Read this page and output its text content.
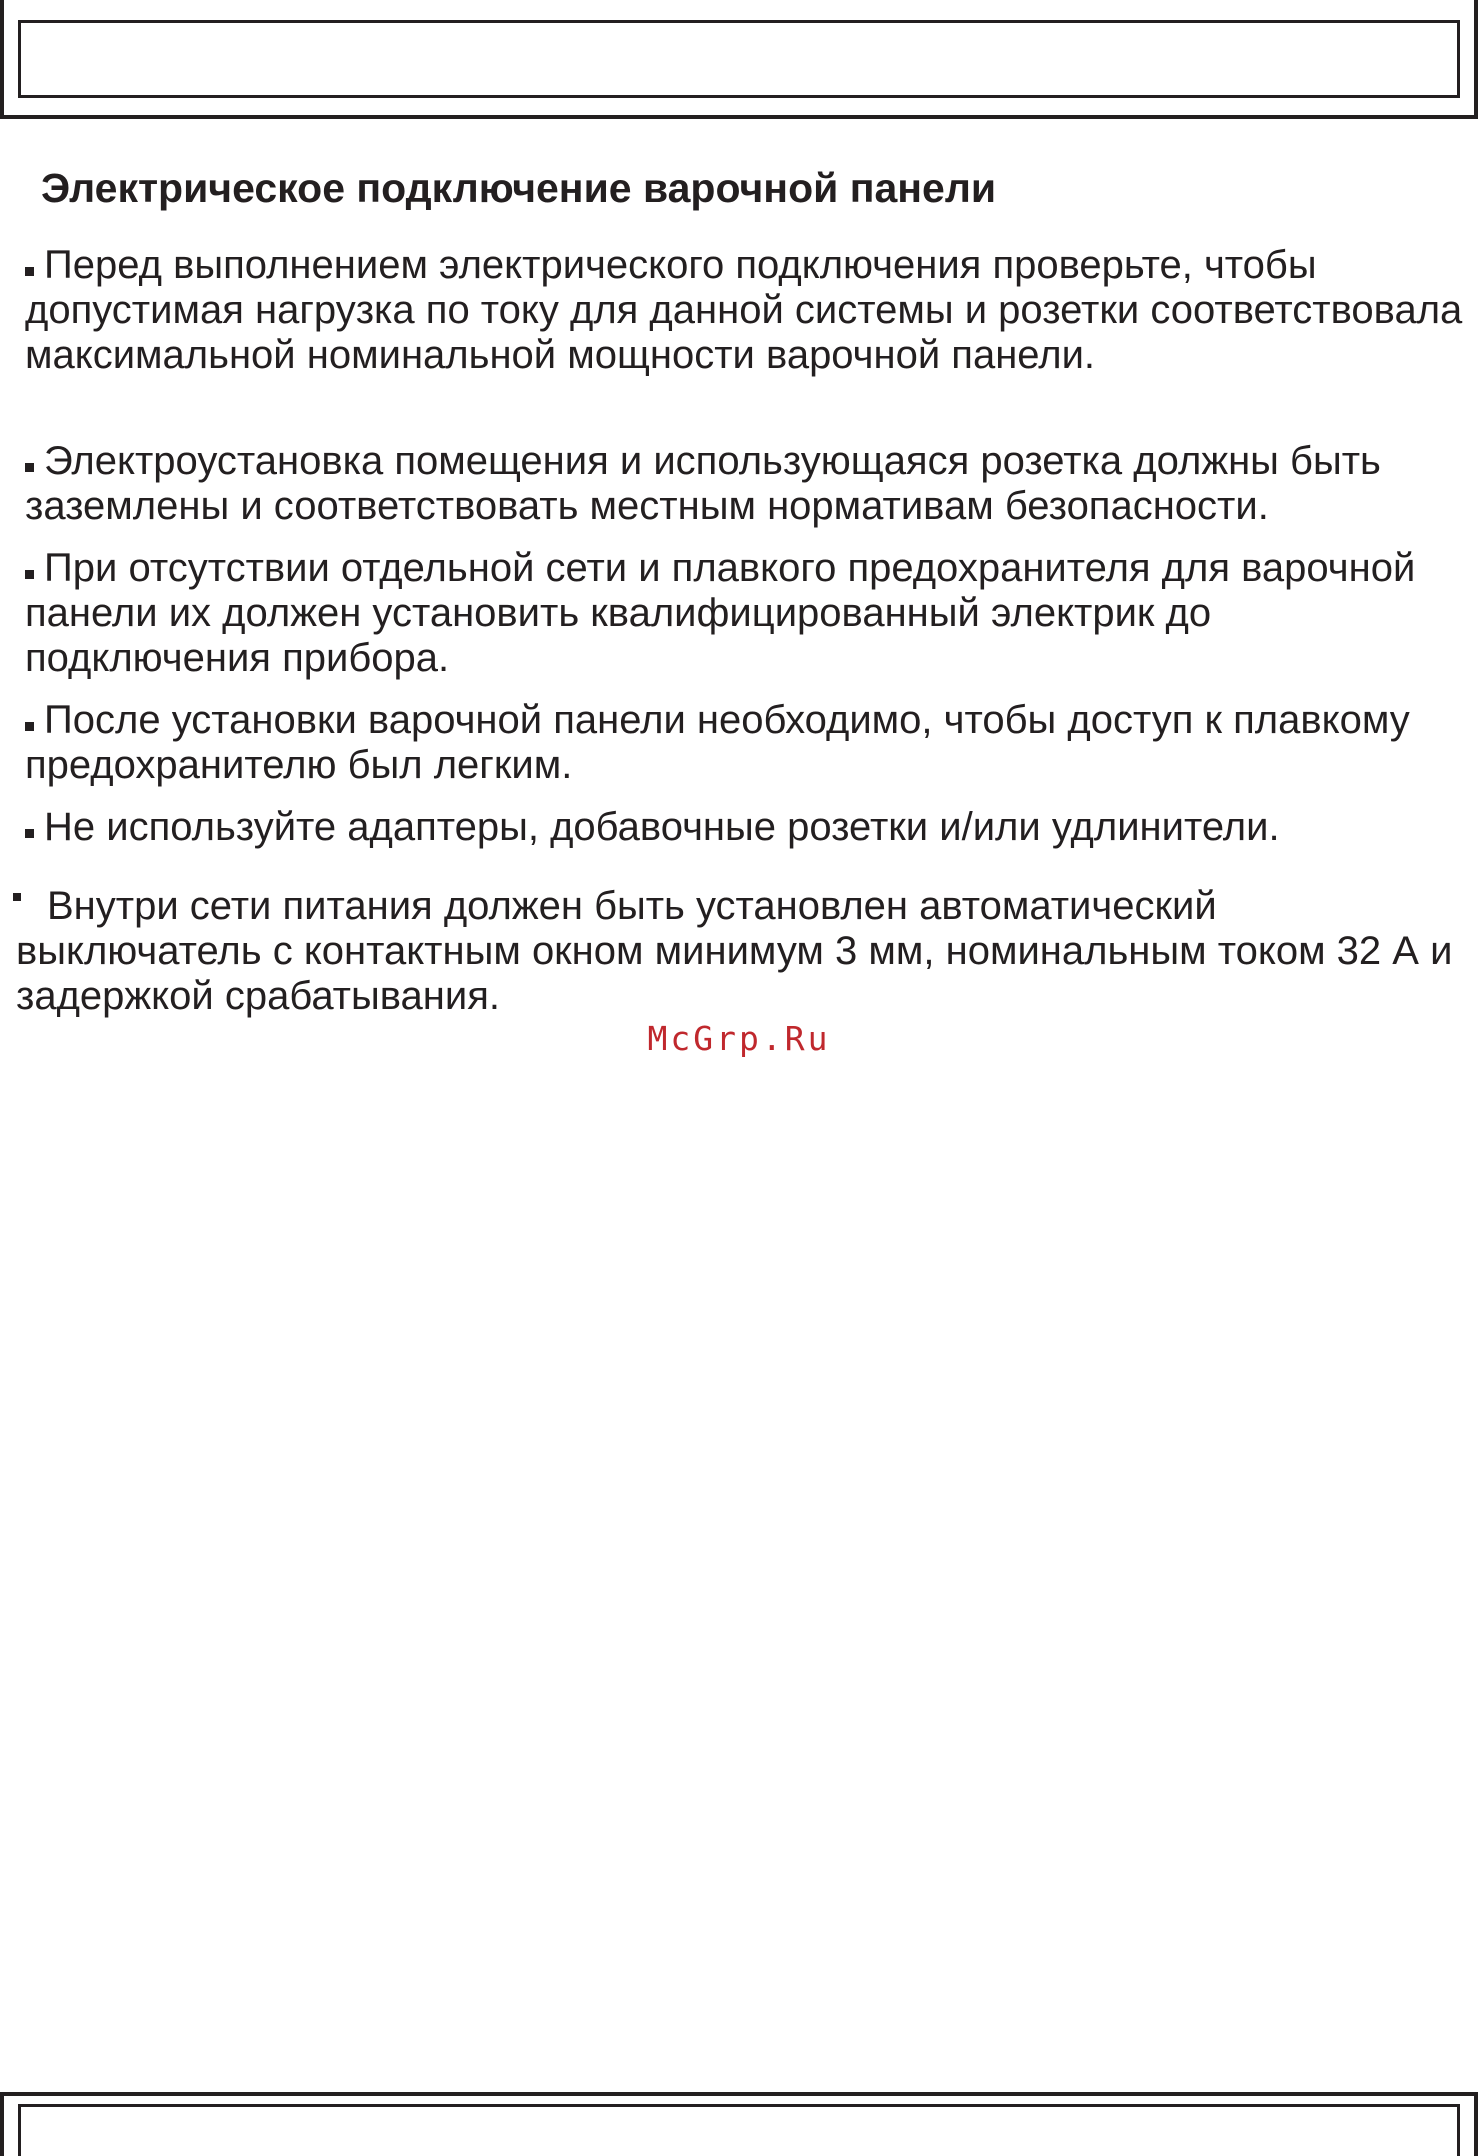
Электрическое подключение варочной панели
Перед выполнением электрического подключения проверьте, чтобы допустимая нагрузка по току для данной системы и розетки соответствовала максимальной номинальной мощности варочной панели.
Электроустановка помещения и использующаяся розетка должны быть заземлены и соответствовать местным нормативам безопасности.
При отсутствии отдельной сети и плавкого предохранителя для варочной панели их должен установить квалифицированный электрик до подключения прибора.
После установки варочной панели необходимо, чтобы доступ к плавкому предохранителю был легким.
Не используйте адаптеры, добавочные розетки и/или удлинители.
Внутри сети питания должен быть установлен автоматический выключатель с контактным окном минимум 3 мм, номинальным током 32 А и задержкой срабатывания.
McGrp.Ru
